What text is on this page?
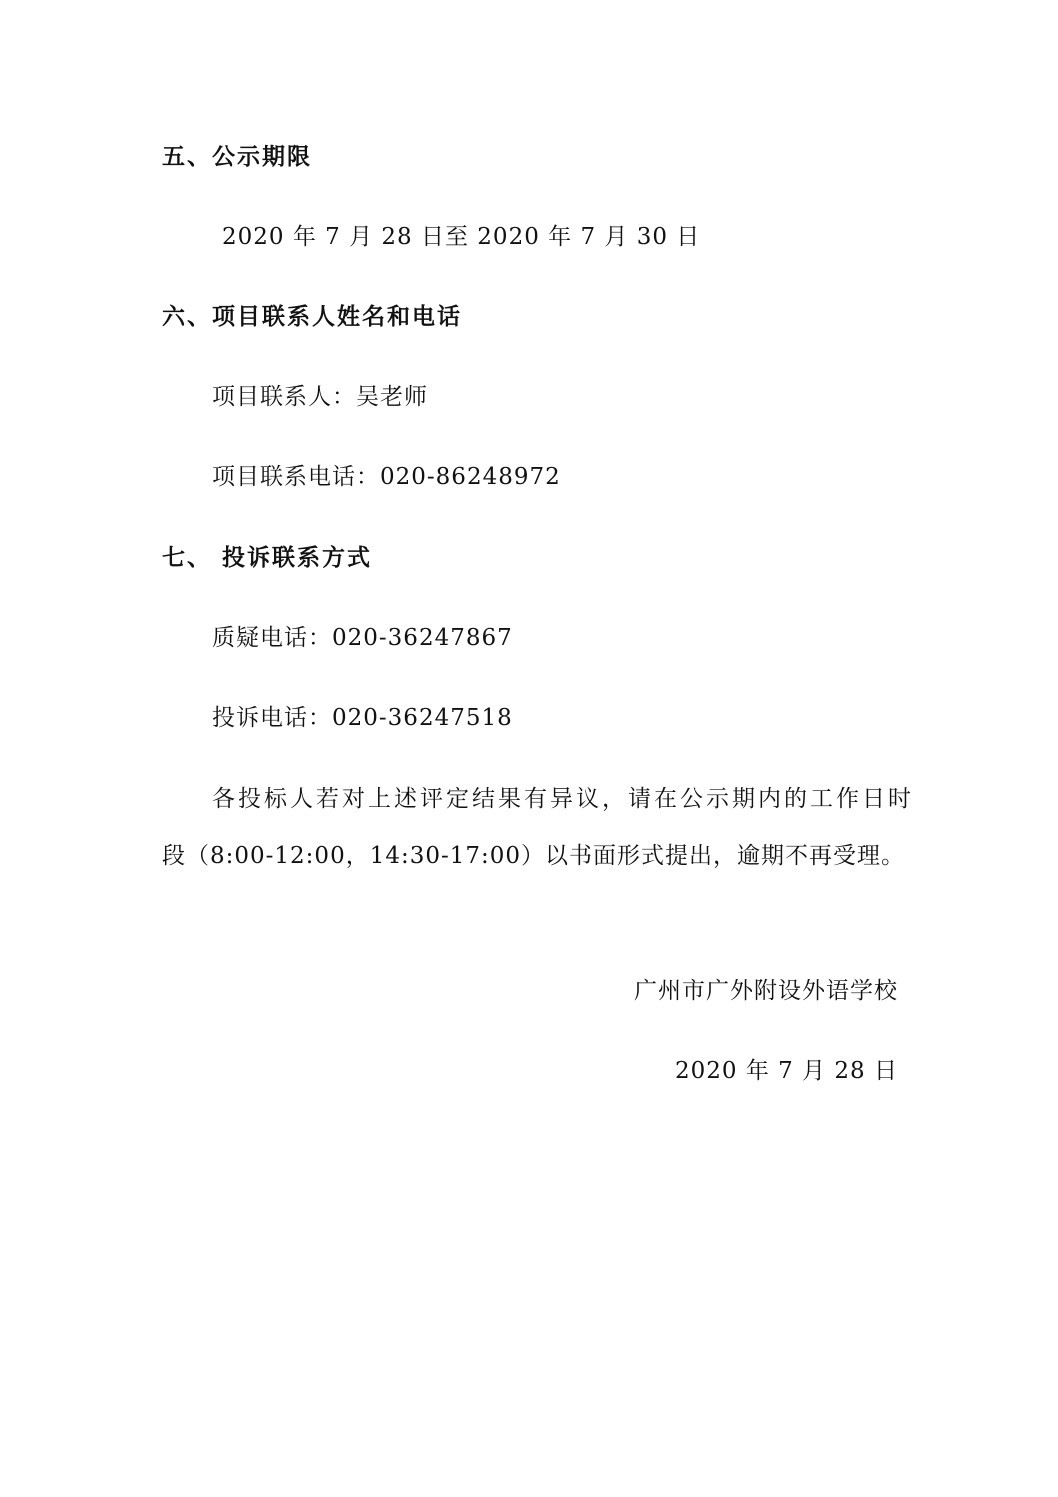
五、公示期限
2020 年 7 月 28 日至 2020 年 7 月 30 日
六、项目联系人姓名和电话
项目联系人：吴老师
项目联系电话：020-86248972
七、 投诉联系方式
质疑电话：020-36247867
投诉电话：020-36247518
各投标人若对上述评定结果有异议，请在公示期内的工作日时
段（8:00-12:00，14:30-17:00）以书面形式提出，逾期不再受理。
广州市广外附设外语学校
2020 年 7 月 28 日
